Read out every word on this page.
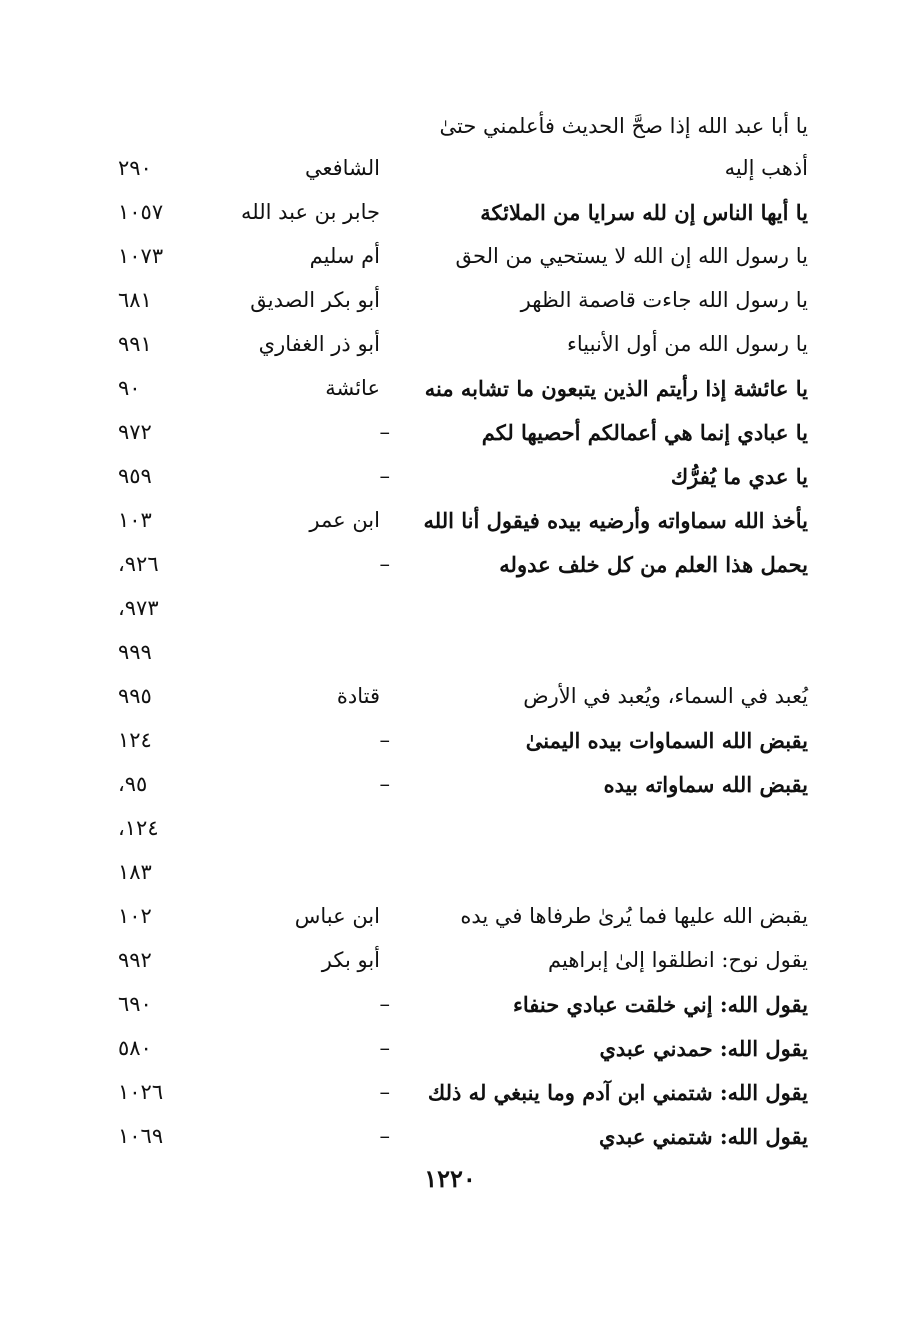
يا أبا عبد الله إذا صحَّ الحديث فأعلمني حتىٰ
أذهب إليه
الشافعي
٢٩٠
يا أيها الناس إن لله سرايا من الملائكة
جابر بن عبد الله
١٠٥٧
يا رسول الله إن الله لا يستحيي من الحق
أم سليم
١٠٧٣
يا رسول الله جاءت قاصمة الظهر
أبو بكر الصديق
٦٨١
يا رسول الله من أول الأنبياء
أبو ذر الغفاري
٩٩١
يا عائشة إذا رأيتم الذين يتبعون ما تشابه منه
عائشة
٩٠
يا عبادي إنما هي أعمالكم أحصيها لكم
–
٩٧٢
يا عدي ما يُفرُّك
–
٩٥٩
يأخذ الله سماواته وأرضيه بيده فيقول أنا الله
ابن عمر
١٠٣
يحمل هذا العلم من كل خلف عدوله
–
٩٢٦،
٩٧٣،
٩٩٩
يُعبد في السماء، ويُعبد في الأرض
قتادة
٩٩٥
يقبض الله السماوات بيده اليمنىٰ
–
١٢٤
يقبض الله سماواته بيده
–
٩٥،
١٢٤،
١٨٣
يقبض الله عليها فما يُرىٰ طرفاها في يده
ابن عباس
١٠٢
يقول نوح: انطلقوا إلىٰ إبراهيم
أبو بكر
٩٩٢
يقول الله: إني خلقت عبادي حنفاء
–
٦٩٠
يقول الله: حمدني عبدي
–
٥٨٠
يقول الله: شتمني ابن آدم وما ينبغي له ذلك
–
١٠٢٦
يقول الله: شتمني عبدي
–
١٠٦٩
١٢٢٠
